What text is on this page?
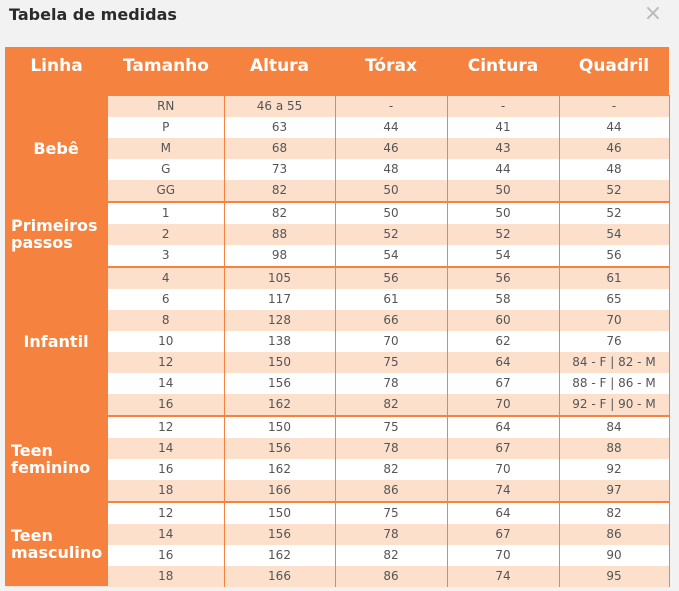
Tabela de medidas	×
Linha	Tamanho	Altura	Tórax	Cintura	Quadril

Bebê	RN	46 a 55	-	-	-
	P	63	44	41	44
	M	68	46	43	46
	G	73	48	44	48
	GG	82	50	50	52

Primeiros
passos	1	82	50	50	52
	2	88	52	52	54
	3	98	54	54	56

Infantil	4	105	56	56	61
	6	117	61	58	65
	8	128	66	60	70
	10	138	70	62	76
	12	150	75	64	84 - F | 82 - M
	14	156	78	67	88 - F | 86 - M
	16	162	82	70	92 - F | 90 - M

Teen
feminino	12	150	75	64	84
	14	156	78	67	88
	16	162	82	70	92
	18	166	86	74	97

Teen
masculino	12	150	75	64	82
	14	156	78	67	86
	16	162	82	70	90
	18	166	86	74	95
